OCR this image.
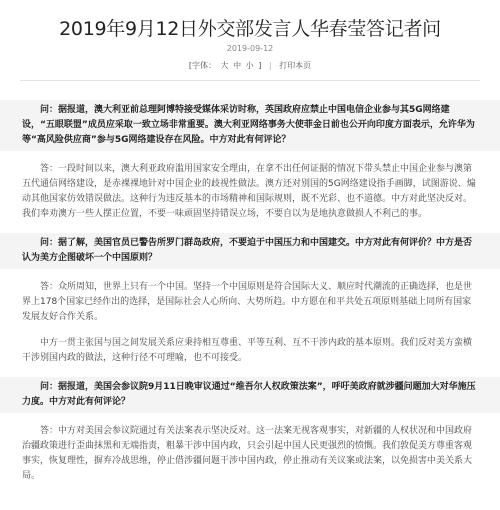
2019年9月12日外交部发言人华春莹答记者问
2019-09-12
[字体： 大 中 小 ] | 打印本页

问：据报道，澳大利亚前总理阿博特接受媒体采访时称，英国政府应禁止中国电信企业参与其5G网络建设，“五眼联盟”成员应采取一致立场非常重要。澳大利亚网络事务大使菲金日前也公开向印度方面表示，允许华为等“高风险供应商”参与5G网络建设存在风险。中方对此有何评论？

答：一段时间以来，澳大利亚政府滥用国家安全理由，在拿不出任何证据的情况下带头禁止中国企业参与澳第五代通信网络建设，是赤裸裸地针对中国企业的歧视性做法。澳方还对别国的5G网络建设指手画脚，试图游说、煽动其他国家仿效错误做法。这种行为违反基本的市场精神和国际规则，既不光彩、也不道德。中方对此坚决反对。我们奉劝澳方一些人摆正位置，不要一味顽固坚持错误立场，不要自以为是地执意做损人不利己的事。

问：据了解，美国官员已警告所罗门群岛政府，不要迫于中国压力和中国建交。中方对此有何评价？中方是否认为美方企图破坏一个中国原则？

答：众所周知，世界上只有一个中国。坚持一个中国原则是符合国际大义、顺应时代潮流的正确选择，也是世界上178个国家已经作出的选择，是国际社会人心所向、大势所趋。中方愿在和平共处五项原则基础上同所有国家发展友好合作关系。

中方一贯主张国与国之间发展关系应秉持相互尊重、平等互利、互不干涉内政的基本原则。我们反对美方蛮横干涉别国内政的做法，这种行径不可理喻，也不可接受。

问：据报道，美国会参议院9月11日晚审议通过“维吾尔人权政策法案”，呼吁美政府就涉疆问题加大对华施压力度。中方对此有何评论？

答：中方对美国会参议院通过有关法案表示坚决反对。这一法案无视客观事实，对新疆的人权状况和中国政府治疆政策进行歪曲抹黑和无端指责，粗暴干涉中国内政，只会引起中国人民更强烈的愤慨。我们敦促美方尊重客观事实，恢复理性，摒弃冷战思维，停止借涉疆问题干涉中国内政，停止推动有关议案或法案，以免损害中美关系大局。
